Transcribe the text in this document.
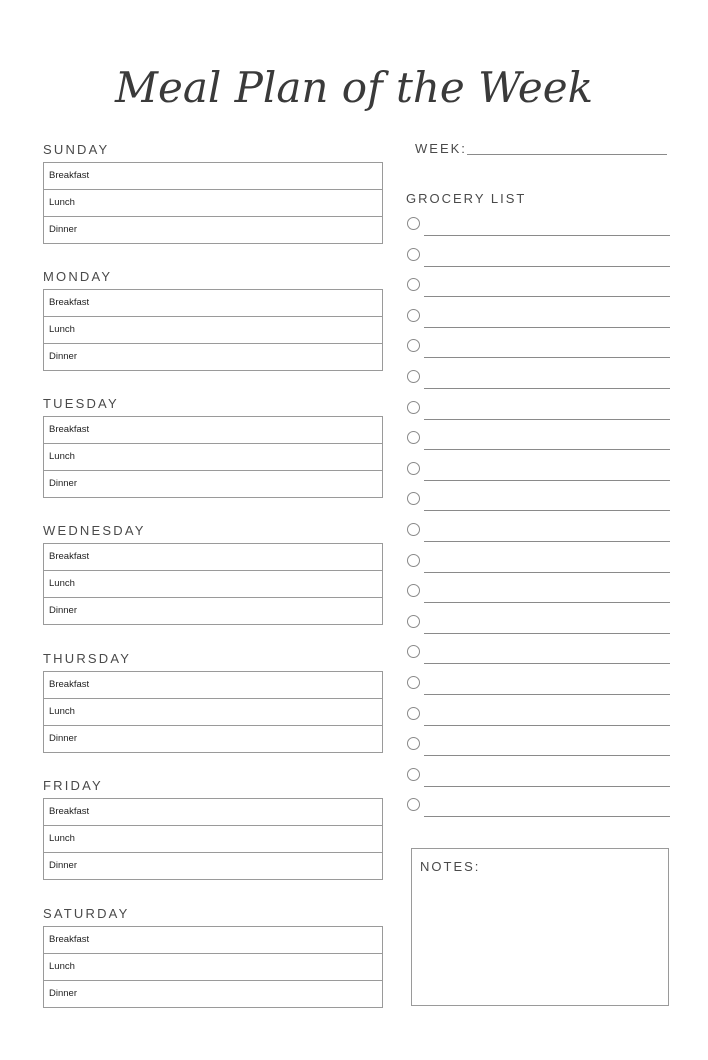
Meal Plan of the Week
SUNDAY
Breakfast
Lunch
Dinner
MONDAY
Breakfast
Lunch
Dinner
TUESDAY
Breakfast
Lunch
Dinner
WEDNESDAY
Breakfast
Lunch
Dinner
THURSDAY
Breakfast
Lunch
Dinner
FRIDAY
Breakfast
Lunch
Dinner
SATURDAY
Breakfast
Lunch
Dinner
WEEK:
GROCERY LIST
NOTES:
